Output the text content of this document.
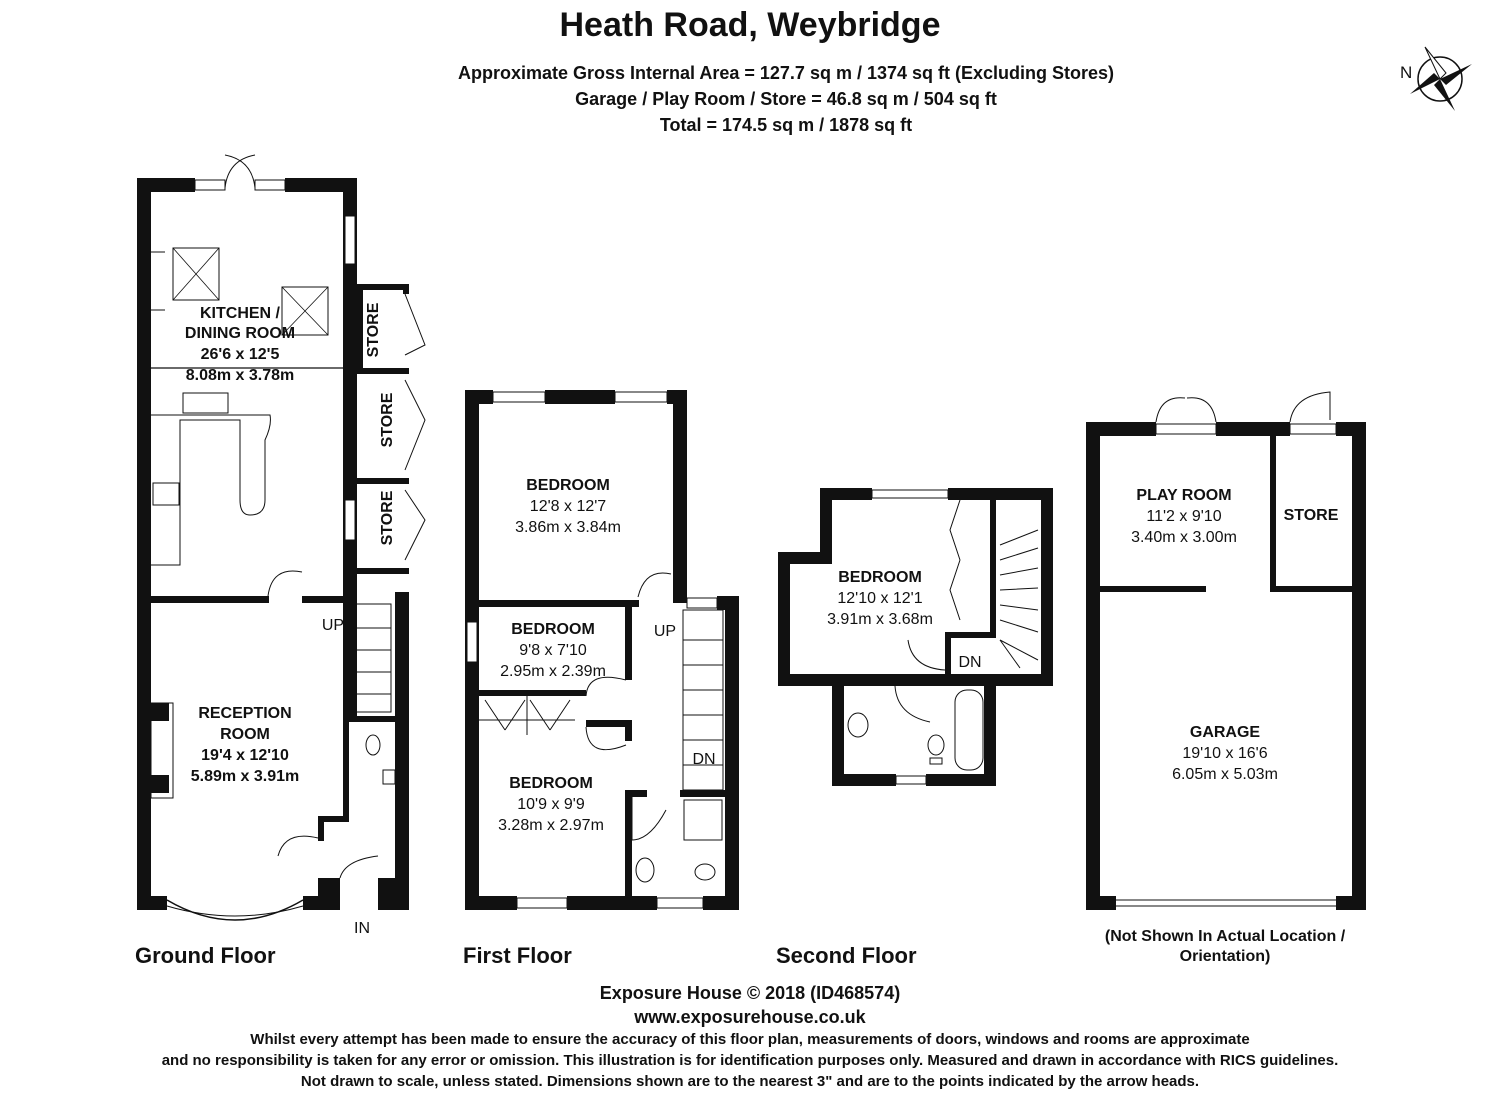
Heath Road, Weybridge
Approximate Gross Internal Area = 127.7 sq m / 1374 sq ft (Excluding Stores)
Garage / Play Room / Store = 46.8 sq m / 504 sq ft
Total = 174.5 sq m / 1878 sq ft
N
KITCHEN /
DINING ROOM
26'6 x 12'5
8.08m x 3.78m
RECEPTION
ROOM
19'4 x 12'10
5.89m x 3.91m
STORE
STORE
STORE
UP
IN
BEDROOM
12'8 x 12'7
3.86m x 3.84m
BEDROOM
9'8 x 7'10
2.95m x 2.39m
BEDROOM
10'9 x 9'9
3.28m x 2.97m
UP
DN
BEDROOM
12'10 x 12'1
3.91m x 3.68m
DN
PLAY ROOM
11'2 x 9'10
3.40m x 3.00m
STORE
GARAGE
19'10 x 16'6
6.05m x 5.03m
(Not Shown In Actual Location /
Orientation)
Ground Floor	First Floor	Second Floor
Exposure House © 2018 (ID468574)
www.exposurehouse.co.uk
Whilst every attempt has been made to ensure the accuracy of this floor plan, measurements of doors, windows and rooms are approximate
and no responsibility is taken for any error or omission. This illustration is for identification purposes only. Measured and drawn in accordance with RICS guidelines.
Not drawn to scale, unless stated. Dimensions shown are to the nearest 3" and are to the points indicated by the arrow heads.
